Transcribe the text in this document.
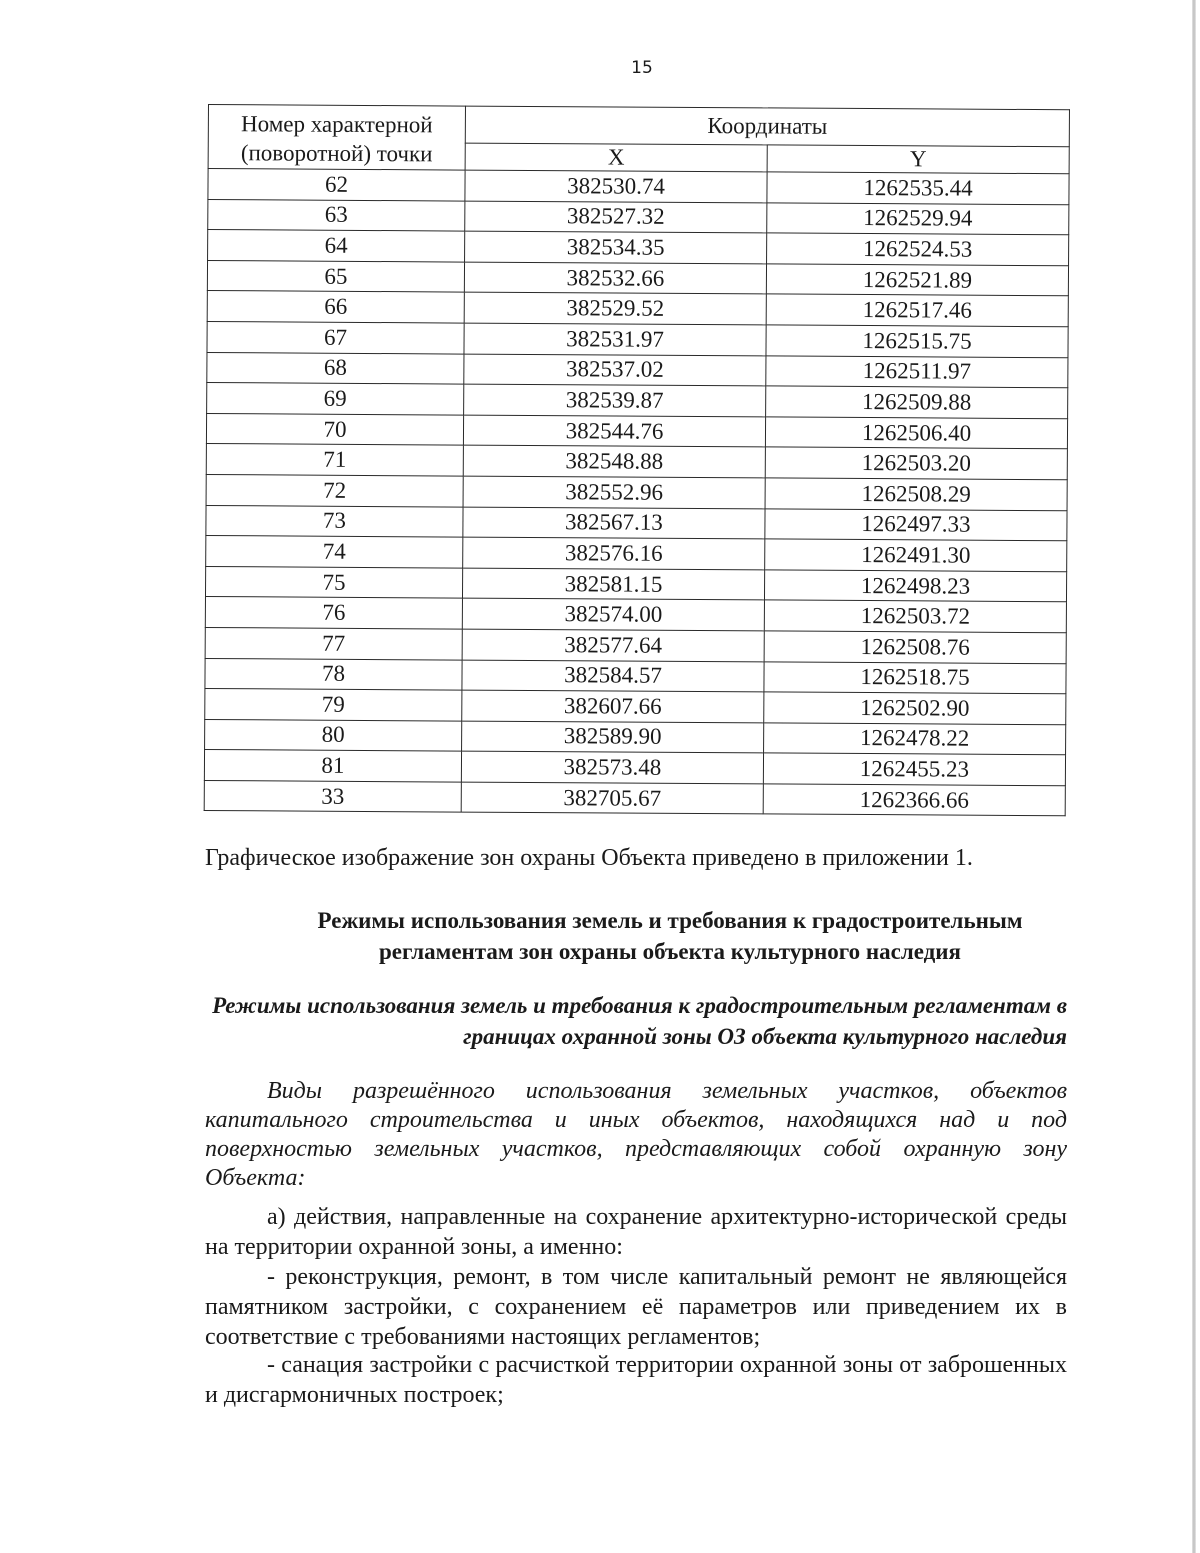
15
Номер характерной (поворотной) точки	Координаты	
	X	Y
62	382530.74	1262535.44
63	382527.32	1262529.94
64	382534.35	1262524.53
65	382532.66	1262521.89
66	382529.52	1262517.46
67	382531.97	1262515.75
68	382537.02	1262511.97
69	382539.87	1262509.88
70	382544.76	1262506.40
71	382548.88	1262503.20
72	382552.96	1262508.29
73	382567.13	1262497.33
74	382576.16	1262491.30
75	382581.15	1262498.23
76	382574.00	1262503.72
77	382577.64	1262508.76
78	382584.57	1262518.75
79	382607.66	1262502.90
80	382589.90	1262478.22
81	382573.48	1262455.23
33	382705.67	1262366.66

Графическое изображение зон охраны Объекта приведено в приложении 1.

Режимы использования земель и требования к градостроительным регламентам зон охраны объекта культурного наследия

Режимы использования земель и требования к градостроительным регламентам в границах охранной зоны ОЗ объекта культурного наследия

Виды разрешённого использования земельных участков, объектов капитального строительства и иных объектов, находящихся над и под поверхностью земельных участков, представляющих собой охранную зону Объекта:

а) действия, направленные на сохранение архитектурно-исторической среды на территории охранной зоны, а именно:

- реконструкция, ремонт, в том числе капитальный ремонт не являющейся памятником застройки, с сохранением её параметров или приведением их в соответствие с требованиями настоящих регламентов;

- санация застройки с расчисткой территории охранной зоны от заброшенных и дисгармоничных построек;
